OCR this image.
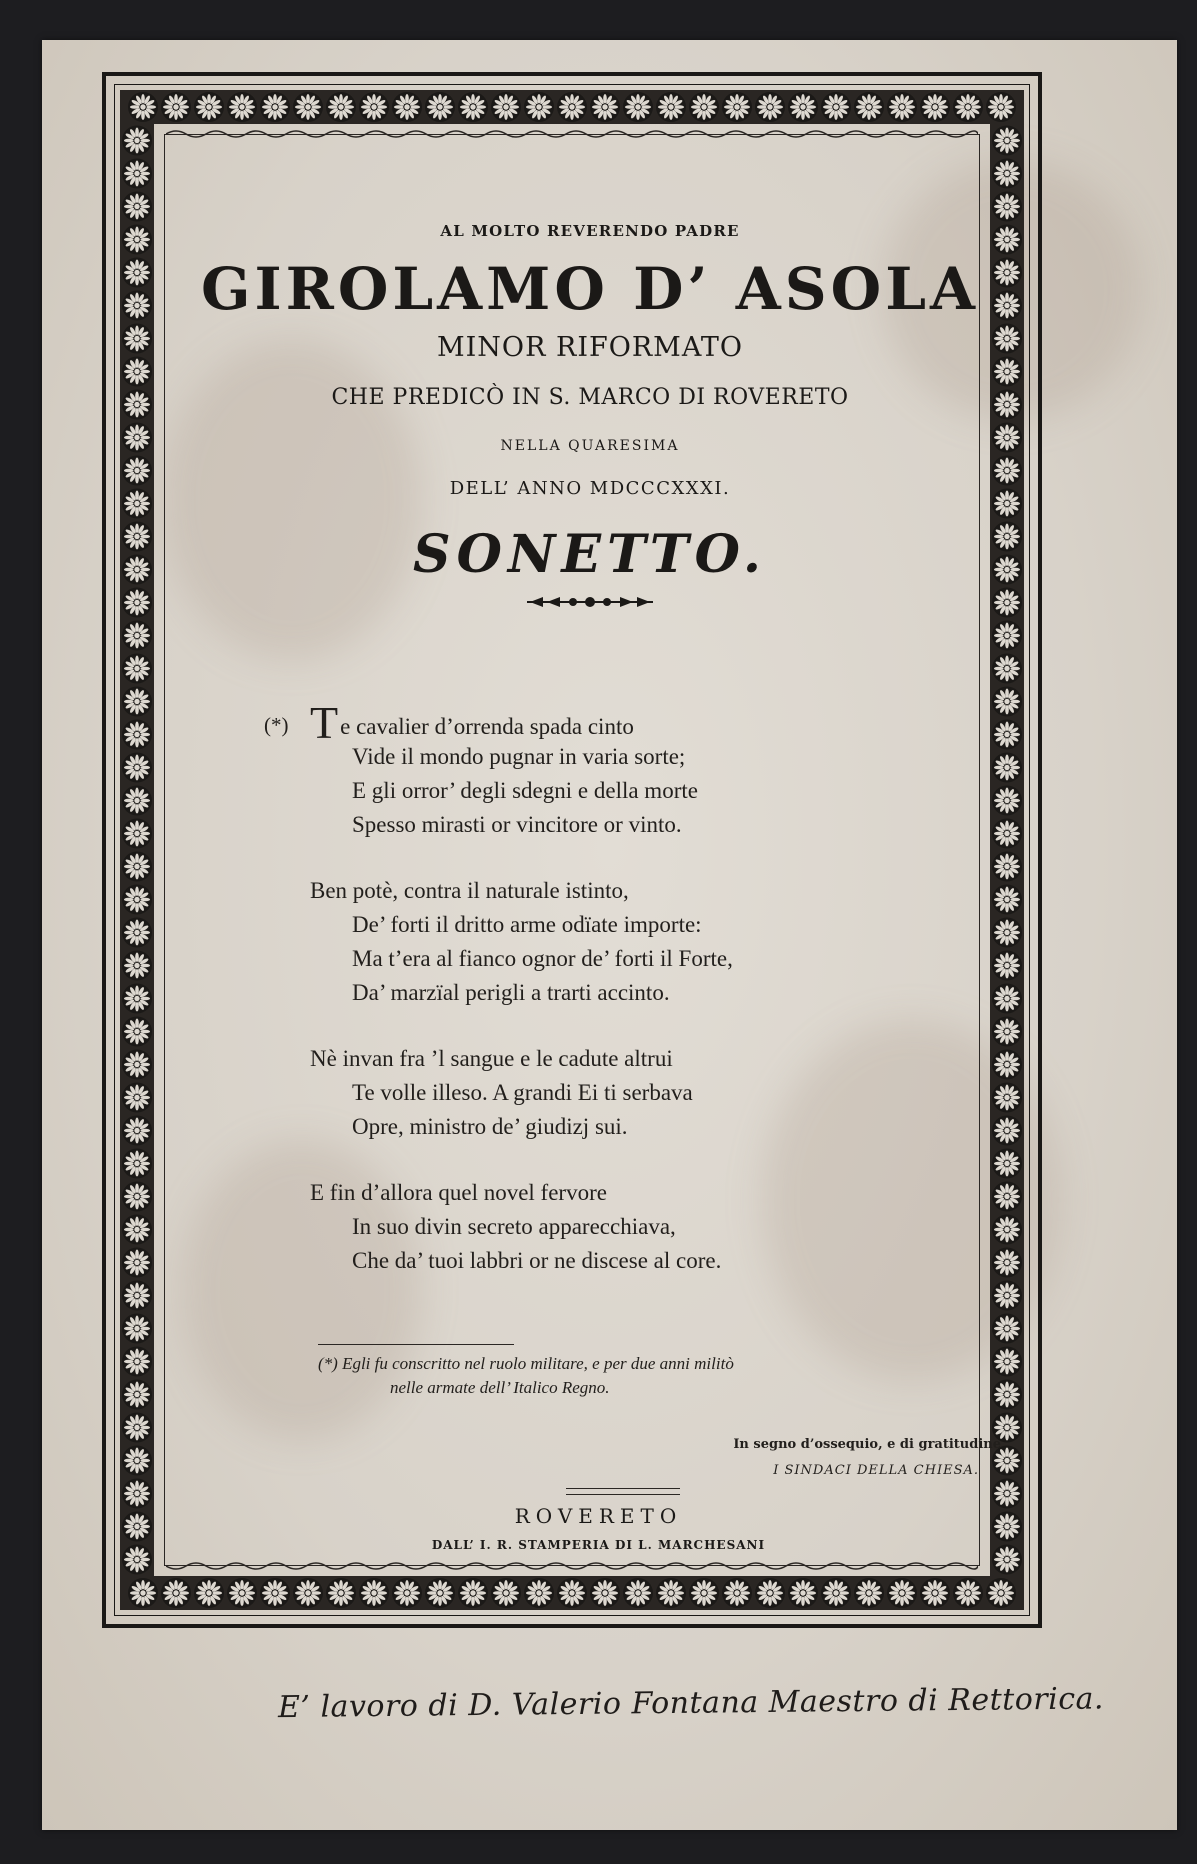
AL MOLTO REVERENDO PADRE

GIROLAMO D’ ASOLA

MINOR RIFORMATO

CHE PREDICÒ IN S. MARCO DI ROVERETO

NELLA QUARESIMA

DELL’ ANNO MDCCCXXXI.

SONETTO.

(*) Te cavalier d’orrenda spada cinto
Vide il mondo pugnar in varia sorte;
E gli orror’ degli sdegni e della morte
Spesso mirasti or vincitore or vinto.
Ben potè, contra il naturale istinto,
De’ forti il dritto arme odïate importe:
Ma t’era al fianco ognor de’ forti il Forte,
Da’ marzïal perigli a trarti accinto.
Nè invan fra ’l sangue e le cadute altrui
Te volle illeso. A grandi Ei ti serbava
Opre, ministro de’ giudizj sui.
E fin d’allora quel novel fervore
In suo divin secreto apparecchiava,
Che da’ tuoi labbri or ne discese al core.
(*) Egli fu conscritto nel ruolo militare, e per due anni militò
nelle armate dell’ Italico Regno.
In segno d’ossequio, e di gratitudine
I SINDACI DELLA CHIESA.
ROVERETO
DALL’ I. R. STAMPERIA DI L. MARCHESANI
E’ lavoro di D. Valerio Fontana Maestro di Rettorica.
